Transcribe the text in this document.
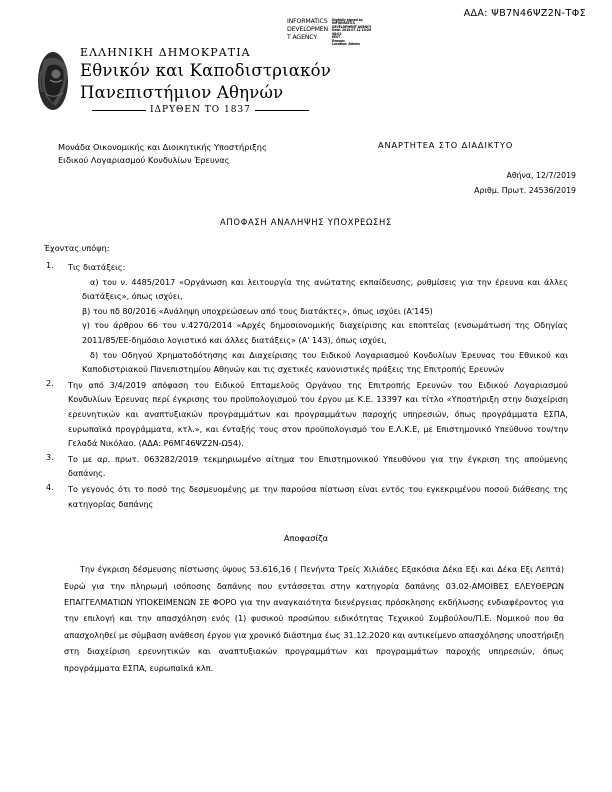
ΑΔΑ: ΨΒ7Ν46ΨΖ2Ν-ΤΦΣ
INFORMATICS
DEVELOPMEN
T AGENCY
Digitally signed by
INFORMATICS
DEVELOPMENT AGENCY
Date: 2019.07.12 10:26
08:01
EEST
Reason:
Location: Athens
ΕΛΛΗΝΙΚΗ ΔΗΜΟΚΡΑΤΙΑ
Εθνικόν και Καποδιστριακόν
Πανεπιστήμιον Αθηνών
ΙΔΡΥΘΕΝ ΤΟ 1837
Μονάδα Οικονομικής και Διοικητικής Υποστήριξης
Ειδικού Λογαριασμού Κονδυλίων Έρευνας
ΑΝΑΡΤΗΤΕΑ ΣΤΟ ΔΙΑΔΙΚΤΥΟ
Αθήνα, 12/7/2019
Αριθμ. Πρωτ. 24536/2019
ΑΠΟΦΑΣΗ ΑΝΑΛΗΨΗΣ ΥΠΟΧΡΕΩΣΗΣ
Έχοντας υπόψη:
1. Τις διατάξεις:
α) του ν. 4485/2017 «Οργάνωση και λειτουργία της ανώτατης εκπαίδευσης, ρυθμίσεις για την έρευνα και άλλες διατάξεις», όπως ισχύει,
β) του πδ 80/2016 «Ανάληψη υποχρεώσεων από τους διατάκτες», όπως ισχύει (Α'145)
γ) του άρθρου 66 του ν.4270/2014 «Αρχές δημοσιονομικής διαχείρισης και εποπτείας (ενσωμάτωση της Οδηγίας 2011/85/ΕΕ-δημόσιο λογιστικό και άλλες διατάξεις» (Α' 143), όπως ισχύει,
δ) του Οδηγού Χρηματοδότησης και Διαχείρισης του Ειδικού Λογαριασμού Κονδυλίων Έρευνας του Εθνικού και Καποδιστριακού Πανεπιστημίου Αθηνών και τις σχετικές κανονιστικές πράξεις της Επιτροπής Ερευνών
2. Την από 3/4/2019 απόφαση του Ειδικού Επταμελούς Οργάνου της Επιτροπής Ερευνών του Ειδικού Λογαριασμού Κονδυλίων Έρευνας περί έγκρισης του προϋπολογισμού του έργου με Κ.Ε. 13397 και τίτλο «Υποστήριξη στην διαχείριση ερευνητικών και αναπτυξιακών προγραμμάτων και προγραμμάτων παροχής υπηρεσιών, όπως προγράμματα ΕΣΠΑ, ευρωπαϊκά προγράμματα, κτλ.», και ένταξής τους στον προϋπολογισμό του Ε.Λ.Κ.Ε, με Επιστημονικό Υπεύθυνο τον/την Γελαδά Νικόλαο. (ΑΔΑ: Ρ6ΜΓ46ΨΖ2Ν-Ω54).
3. Το με αρ. πρωτ. 063282/2019 τεκμηριωμένο αίτημα του Επιστημονικού Υπευθύνου για την έγκριση της απούμενης δαπάνης.
4. Το γεγονός ότι το ποσό της δεσμευομένης με την παρούσα πίστωση είναι εντός του εγκεκριμένου ποσού διάθεσης της κατηγορίας δαπάνης
Αποφασίζα
Την έγκριση δέσμευσης πίστωσης ύψους 53.616,16 ( Πενήντα Τρείς Χιλιάδες Εξακόσια Δέκα Εξι και Δέκα Εξι Λεπτά) Ευρώ για την πληρωμή ισόποσης δαπάνης που εντάσσεται στην κατηγορία δαπάνης 03.02-ΑΜΟΙΒΕΣ ΕΛΕΥΘΕΡΩΝ ΕΠΑΓΓΕΛΜΑΤΙΩΝ ΥΠΟΚΕΙΜΕΝΩΝ ΣΕ ΦΟΡΟ για την αναγκαιότητα διενέργειας πρόσκλησης εκδήλωσης ενδιαφέροντος για την επιλογή και την απασχόληση ενός (1) φυσικού προσώπου ειδικότητας Τεχνικού Συμβούλου/Π.Ε. Νομικού που θα απασχοληθεί με σύμβαση ανάθεση έργου για χρονικό διάστημα έως 31.12.2020 και αντικείμενο απασχόλησης υποστήριξη στη διαχείριση ερευνητικών και αναπτυξιακών προγραμμάτων και προγραμμάτων παροχής υπηρεσιών, όπως προγράμματα ΕΣΠΑ, ευρωπαϊκά κλπ.
